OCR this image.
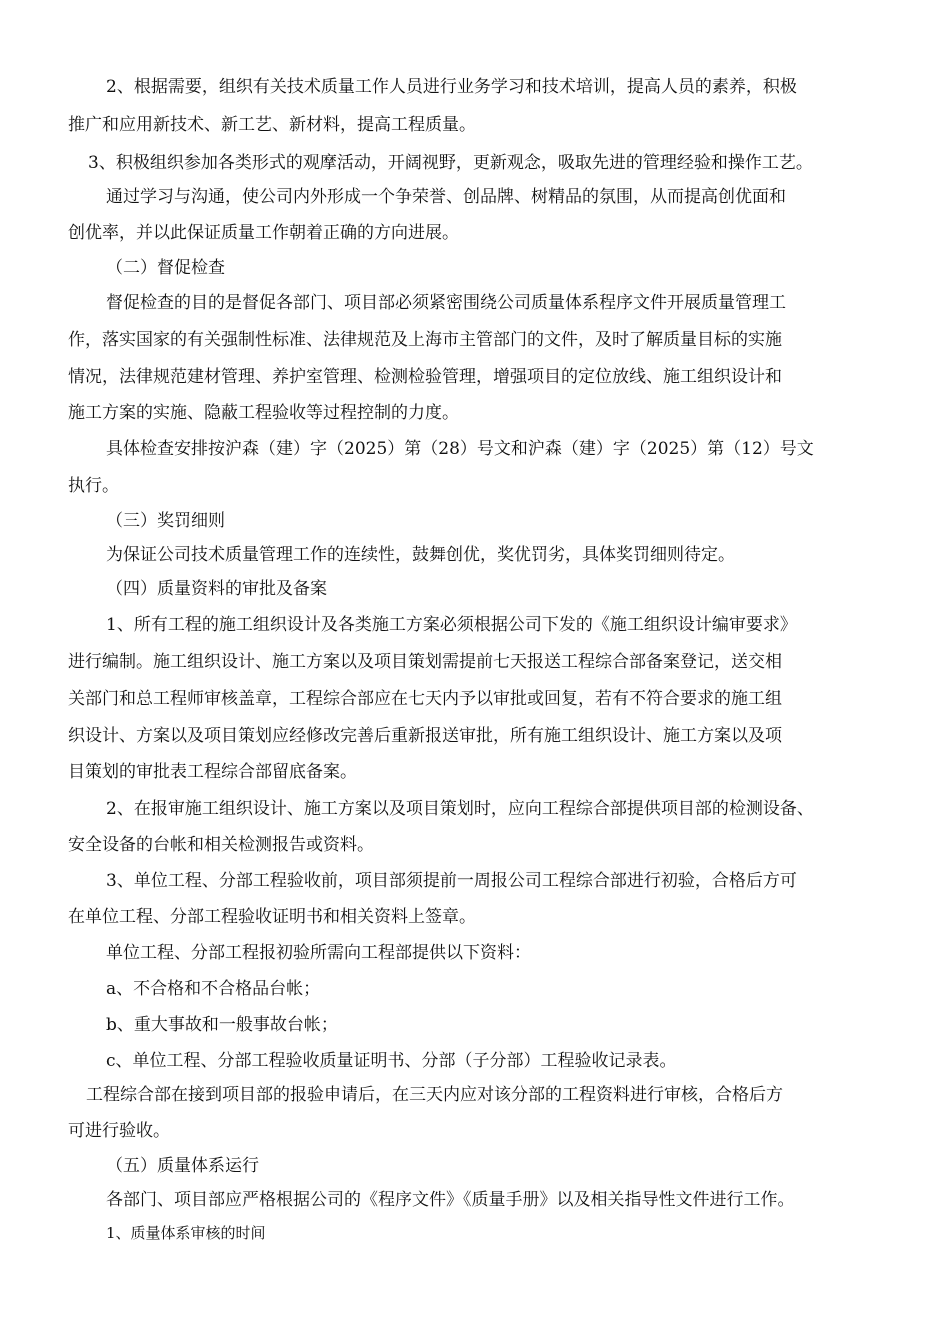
2、根据需要，组织有关技术质量工作人员进行业务学习和技术培训，提高人员的素养，积极
推广和应用新技术、新工艺、新材料，提高工程质量。
3、积极组织参加各类形式的观摩活动，开阔视野，更新观念，吸取先进的管理经验和操作工艺。
通过学习与沟通，使公司内外形成一个争荣誉、创品牌、树精品的氛围，从而提高创优面和
创优率，并以此保证质量工作朝着正确的方向进展。
（二）督促检查
督促检查的目的是督促各部门、项目部必须紧密围绕公司质量体系程序文件开展质量管理工
作，落实国家的有关强制性标准、法律规范及上海市主管部门的文件，及时了解质量目标的实施
情况，法律规范建材管理、养护室管理、检测检验管理，增强项目的定位放线、施工组织设计和
施工方案的实施、隐蔽工程验收等过程控制的力度。
具体检查安排按沪森（建）字（2025）第（28）号文和沪森（建）字（2025）第（12）号文
执行。
（三）奖罚细则
为保证公司技术质量管理工作的连续性，鼓舞创优，奖优罚劣，具体奖罚细则待定。
（四）质量资料的审批及备案
1、所有工程的施工组织设计及各类施工方案必须根据公司下发的《施工组织设计编审要求》
进行编制。施工组织设计、施工方案以及项目策划需提前七天报送工程综合部备案登记，送交相
关部门和总工程师审核盖章，工程综合部应在七天内予以审批或回复，若有不符合要求的施工组
织设计、方案以及项目策划应经修改完善后重新报送审批，所有施工组织设计、施工方案以及项
目策划的审批表工程综合部留底备案。
2、在报审施工组织设计、施工方案以及项目策划时，应向工程综合部提供项目部的检测设备、
安全设备的台帐和相关检测报告或资料。
3、单位工程、分部工程验收前，项目部须提前一周报公司工程综合部进行初验，合格后方可
在单位工程、分部工程验收证明书和相关资料上签章。
单位工程、分部工程报初验所需向工程部提供以下资料：
a、不合格和不合格品台帐；
b、重大事故和一般事故台帐；
c、单位工程、分部工程验收质量证明书、分部（子分部）工程验收记录表。
工程综合部在接到项目部的报验申请后，在三天内应对该分部的工程资料进行审核，合格后方
可进行验收。
（五）质量体系运行
各部门、项目部应严格根据公司的《程序文件》《质量手册》以及相关指导性文件进行工作。
1、质量体系审核的时间
